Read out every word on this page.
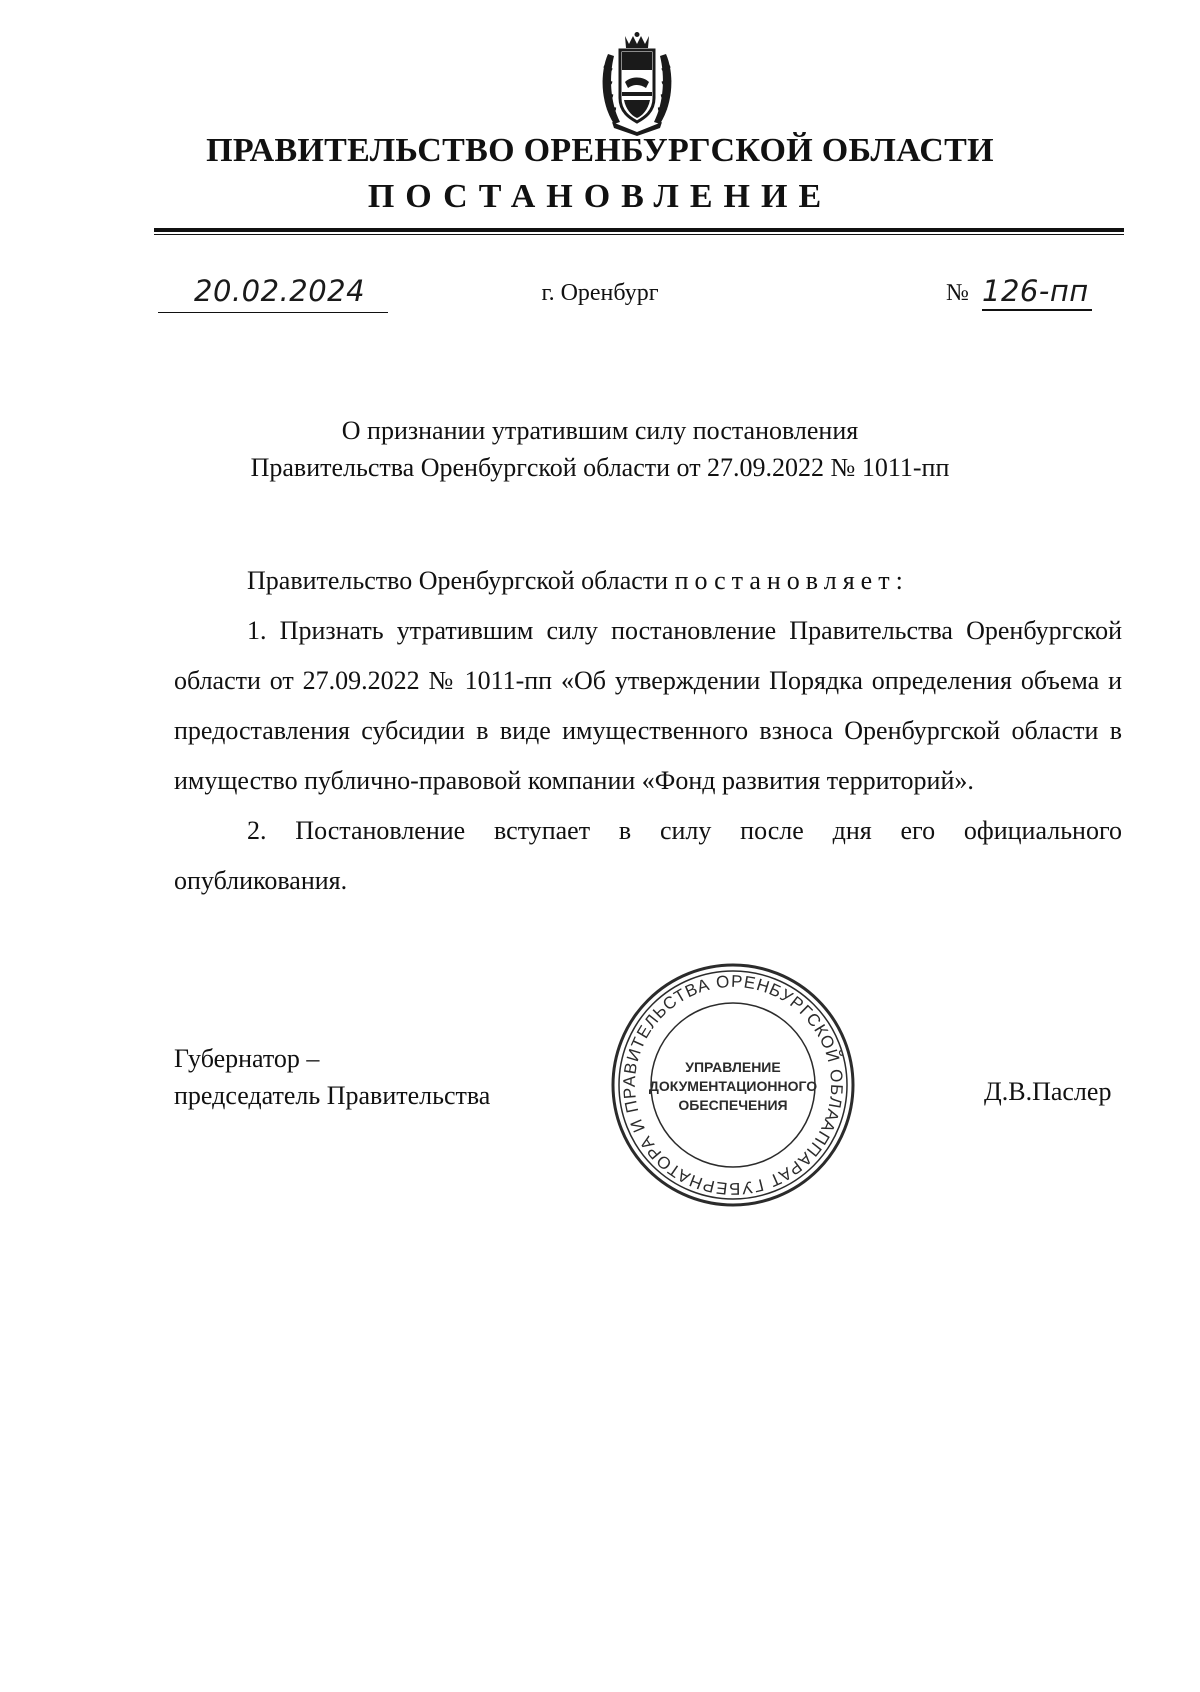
ПРАВИТЕЛЬСТВО ОРЕНБУРГСКОЙ ОБЛАСТИ
ПОСТАНОВЛЕНИЕ
20.02.2024	г. Оренбург	№ 126-пп
О признании утратившим силу постановления
Правительства Оренбургской области от 27.09.2022 № 1011-пп

Правительство Оренбургской области постановляет:

1. Признать утратившим силу постановление Правительства Оренбургской области от 27.09.2022 № 1011-пп «Об утверждении Порядка определения объема и предоставления субсидии в виде имущественного взноса Оренбургской области в имущество публично-правовой компании «Фонд развития территорий».

2. Постановление вступает в силу после дня его официального опубликования.

Губернатор –
председатель Правительства
АППАРАТ ГУБЕРНАТОРА И ПРАВИТЕЛЬСТВА ОРЕНБУРГСКОЙ ОБЛАСТИ
УПРАВЛЕНИЕ
ДОКУМЕНТАЦИОННОГО
ОБЕСПЕЧЕНИЯ	Д.В.Паслер
